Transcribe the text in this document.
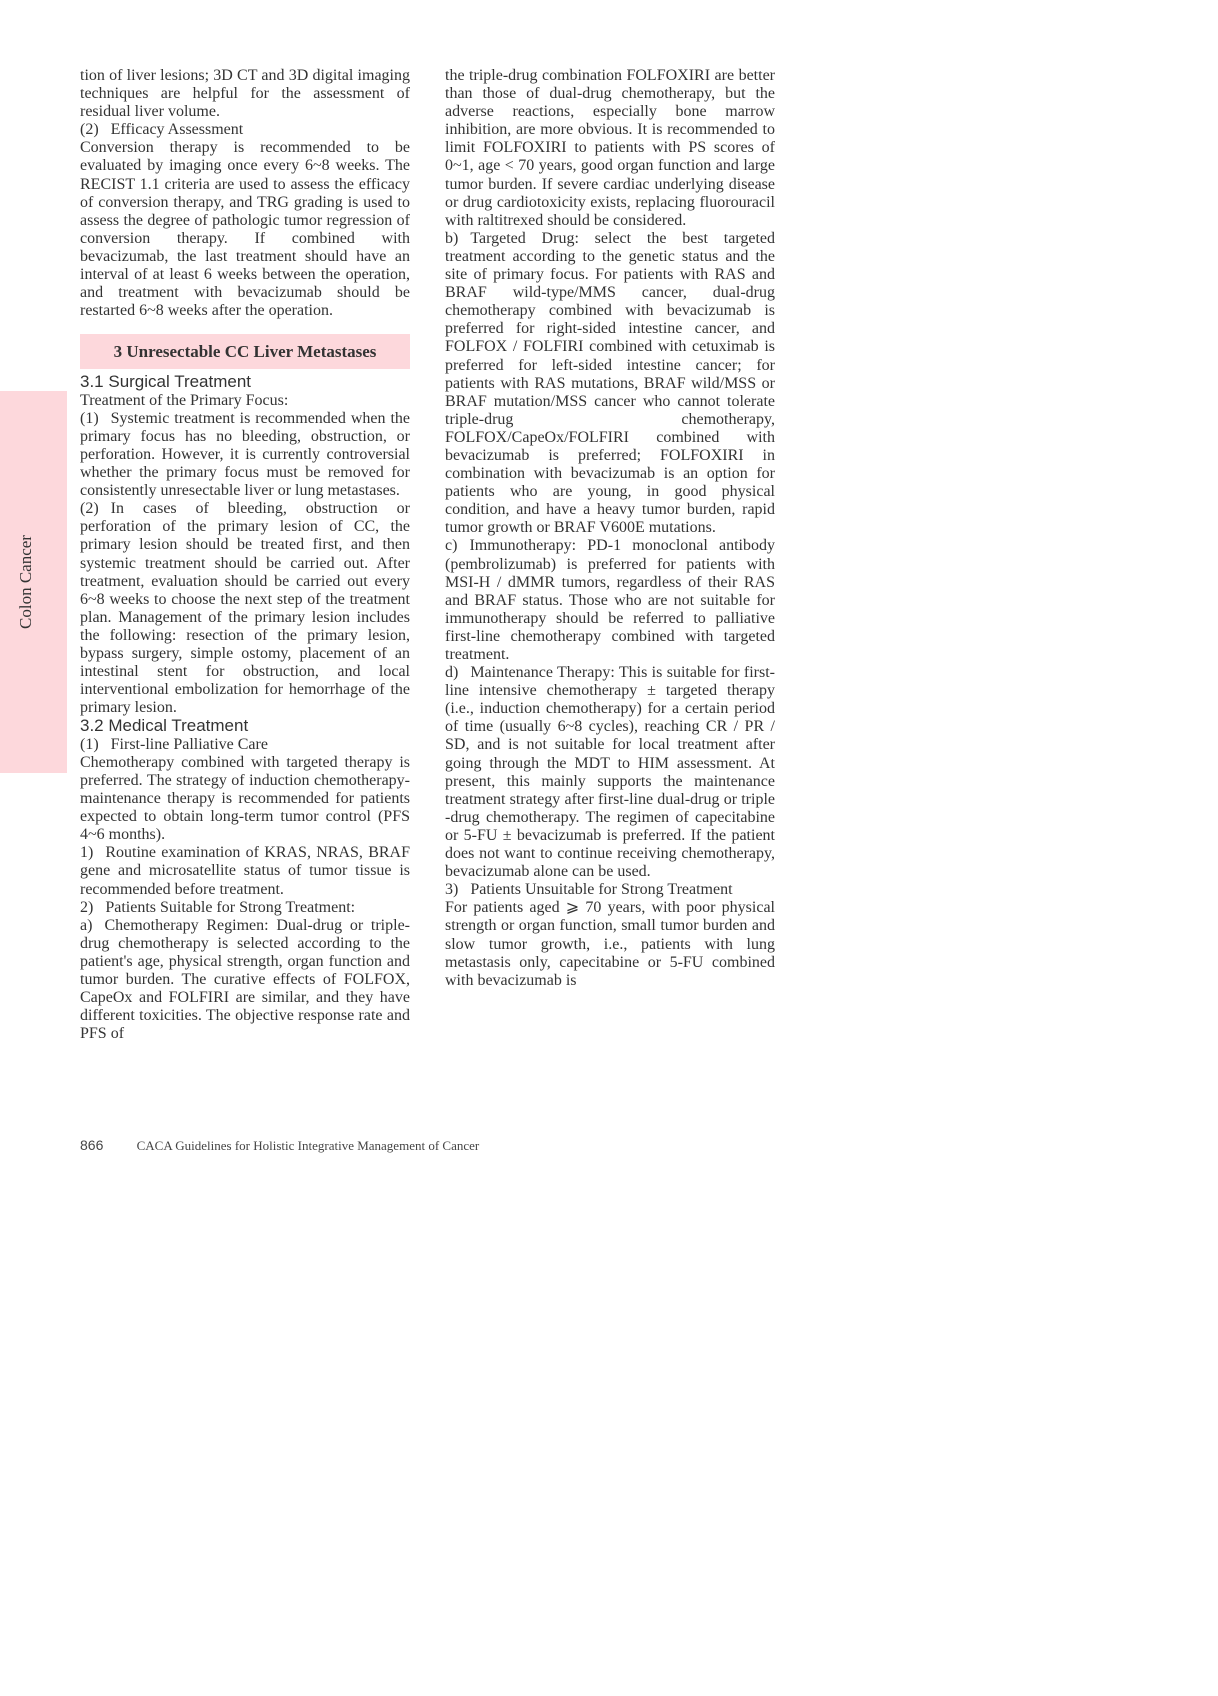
Colon Cancer

tion of liver lesions; 3D CT and 3D digital imaging techniques are helpful for the assessment of residual liver volume.

(2) Efficacy Assessment

Conversion therapy is recommended to be evaluated by imaging once every 6~8 weeks. The RECIST 1.1 criteria are used to assess the efficacy of conversion therapy, and TRG grading is used to assess the degree of pathologic tumor regression of conversion therapy. If combined with bevacizumab, the last treatment should have an interval of at least 6 weeks between the operation, and treatment with bevacizumab should be restarted 6~8 weeks after the operation.

3 Unresectable CC Liver Metastases
3.1 Surgical Treatment

Treatment of the Primary Focus:

(1) Systemic treatment is recommended when the primary focus has no bleeding, obstruction, or perforation. However, it is currently controversial whether the primary focus must be removed for consistently unresectable liver or lung metastases.

(2) In cases of bleeding, obstruction or perforation of the primary lesion of CC, the primary lesion should be treated first, and then systemic treatment should be carried out. After treatment, evaluation should be carried out every 6~8 weeks to choose the next step of the treatment plan. Management of the primary lesion includes the following: resection of the primary lesion, bypass surgery, simple ostomy, placement of an intestinal stent for obstruction, and local interventional embolization for hemorrhage of the primary lesion.

3.2 Medical Treatment

(1) First-line Palliative Care

Chemotherapy combined with targeted therapy is preferred. The strategy of induction chemotherapy-maintenance therapy is recommended for patients expected to obtain long-term tumor control (PFS 4~6 months).

1) Routine examination of KRAS, NRAS, BRAF gene and microsatellite status of tumor tissue is recommended before treatment.

2) Patients Suitable for Strong Treatment:

a) Chemotherapy Regimen: Dual-drug or triple-drug chemotherapy is selected according to the patient's age, physical strength, organ function and tumor burden. The curative effects of FOLFOX, CapeOx and FOLFIRI are similar, and they have different toxicities. The objective response rate and PFS of

the triple-drug combination FOLFOXIRI are better than those of dual-drug chemotherapy, but the adverse reactions, especially bone marrow inhibition, are more obvious. It is recommended to limit FOLFOXIRI to patients with PS scores of 0~1, age < 70 years, good organ function and large tumor burden. If severe cardiac underlying disease or drug cardiotoxicity exists, replacing fluorouracil with raltitrexed should be considered.

b) Targeted Drug: select the best targeted treatment according to the genetic status and the site of primary focus. For patients with RAS and BRAF wild-type/MMS cancer, dual-drug chemotherapy combined with bevacizumab is preferred for right-sided intestine cancer, and FOLFOX / FOLFIRI combined with cetuximab is preferred for left-sided intestine cancer; for patients with RAS mutations, BRAF wild/MSS or BRAF mutation/MSS cancer who cannot tolerate triple-drug chemotherapy, FOLFOX/CapeOx/FOLFIRI combined with bevacizumab is preferred; FOLFOXIRI in combination with bevacizumab is an option for patients who are young, in good physical condition, and have a heavy tumor burden, rapid tumor growth or BRAF V600E mutations.

c) Immunotherapy: PD-1 monoclonal antibody (pembrolizumab) is preferred for patients with MSI-H / dMMR tumors, regardless of their RAS and BRAF status. Those who are not suitable for immunotherapy should be referred to palliative first-line chemotherapy combined with targeted treatment.

d) Maintenance Therapy: This is suitable for first-line intensive chemotherapy ± targeted therapy (i.e., induction chemotherapy) for a certain period of time (usually 6~8 cycles), reaching CR / PR / SD, and is not suitable for local treatment after going through the MDT to HIM assessment. At present, this mainly supports the maintenance treatment strategy after first-line dual-drug or triple -drug chemotherapy. The regimen of capecitabine or 5-FU ± bevacizumab is preferred. If the patient does not want to continue receiving chemotherapy, bevacizumab alone can be used.

3) Patients Unsuitable for Strong Treatment

For patients aged ⩾ 70 years, with poor physical strength or organ function, small tumor burden and slow tumor growth, i.e., patients with lung metastasis only, capecitabine or 5-FU combined with bevacizumab is

866	CACA Guidelines for Holistic Integrative Management of Cancer
